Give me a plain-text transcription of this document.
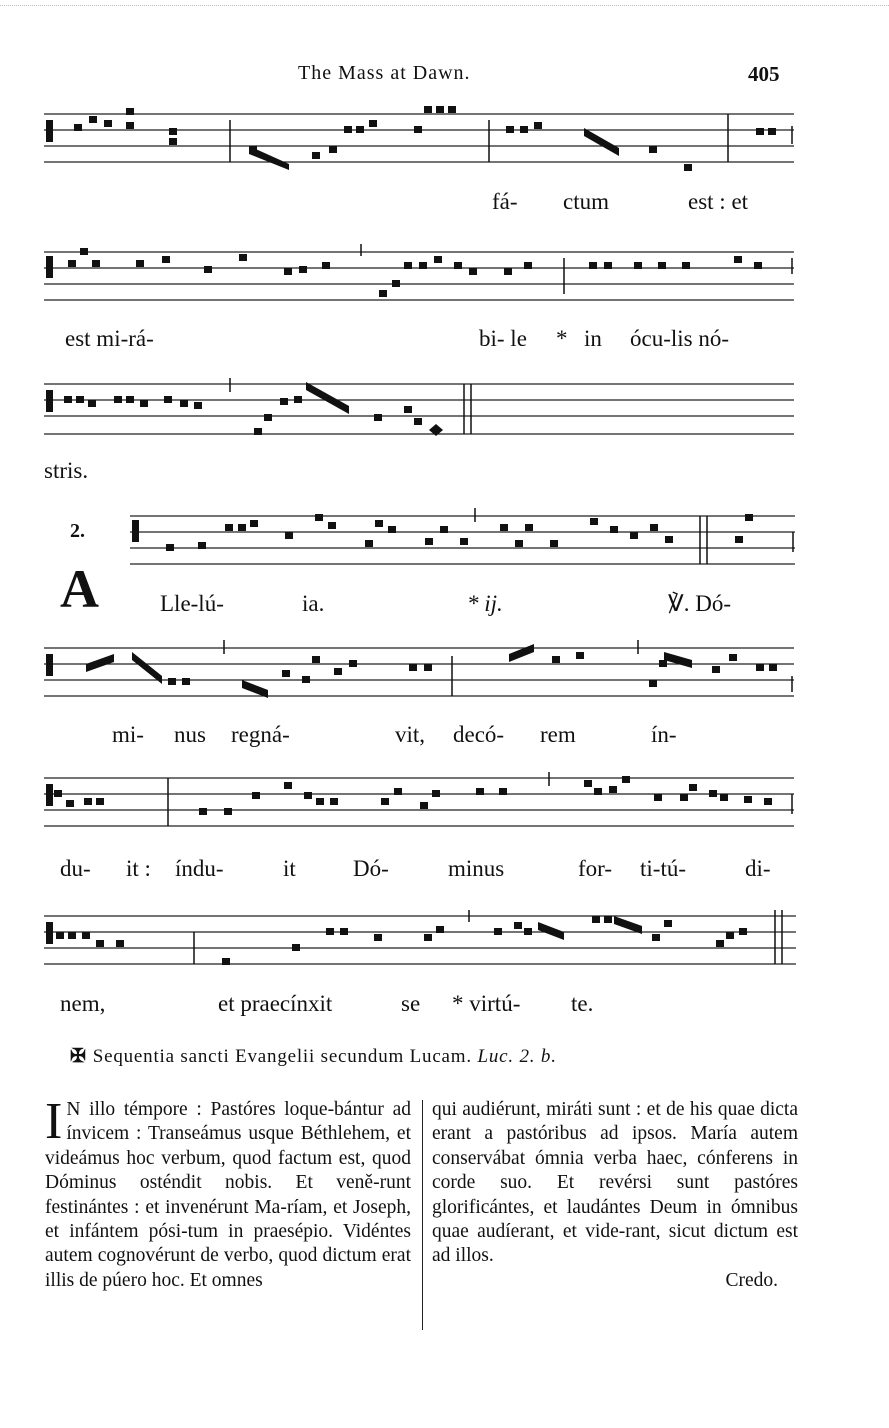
The Mass at Dawn.	405
fá- ctum	est : et
est mi-rá-	bi- le * in ócu-lis nó-
stris.
2.
A	Lle-lú-	ia.	* ij.	℣. Dó-
mi- nus regná-	vit, decó- rem	ín-
du- it : índu-	it Dó-	minus	for- ti-tú-	di-
nem,	et praecínxit	se * virtú- te.
✠ Sequentia sancti Evangelii secundum Lucam. Luc. 2. b.
I N illo témpore : Pastóres loque-bántur ad ínvicem : Transeámus usque Béthlehem, et videámus hoc verbum, quod factum est, quod Dóminus osténdit nobis. Et veně-runt festinántes : et invenérunt Ma-ríam, et Joseph, et infántem pósi-tum in praesépio. Vidéntes autem cognovérunt de verbo, quod dictum erat illis de púero hoc. Et omnes
qui audiérunt, miráti sunt : et de his quae dicta erant a pastóribus ad ipsos. María autem conservábat ómnia verba haec, cónferens in corde suo. Et revérsi sunt pastóres glorificántes, et laudántes Deum in ómnibus quae audíerant, et vide-rant, sicut dictum est ad illos.
Credo.
